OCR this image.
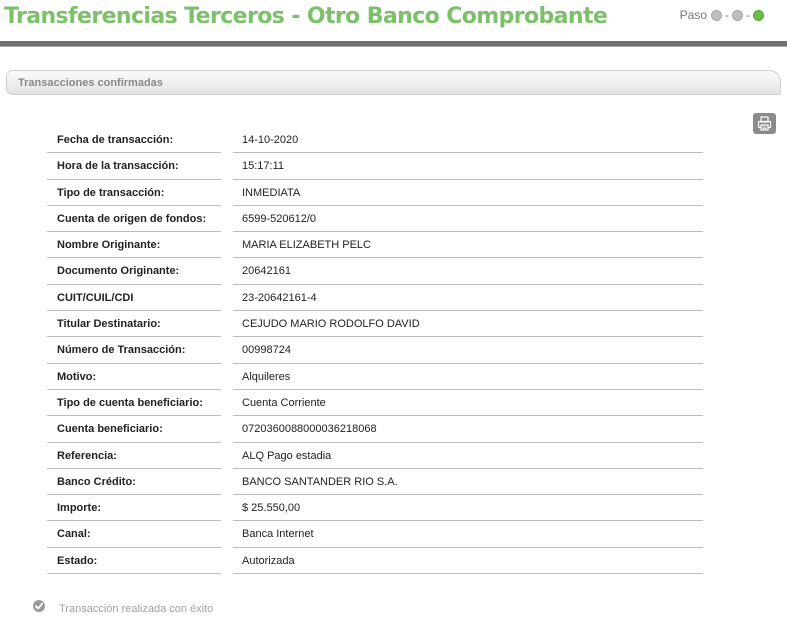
Transferencias Terceros - Otro Banco Comprobante	Paso - -
Transacciones confirmadas
Fecha de transacción:	14-10-2020
Hora de la transacción:	15:17:11
Tipo de transacción:	INMEDIATA
Cuenta de origen de fondos:	6599-520612/0
Nombre Originante:	MARIA ELIZABETH PELC
Documento Originante:	20642161
CUIT/CUIL/CDI	23-20642161-4
Titular Destinatario:	CEJUDO MARIO RODOLFO DAVID
Número de Transacción:	00998724
Motivo:	Alquileres
Tipo de cuenta beneficiario:	Cuenta Corriente
Cuenta beneficiario:	0720360088000036218068
Referencia:	ALQ Pago estadia
Banco Crédito:	BANCO SANTANDER RIO S.A.
Importe:	$ 25.550,00
Canal:	Banca Internet
Estado:	Autorizada
Transacción realizada con éxito
